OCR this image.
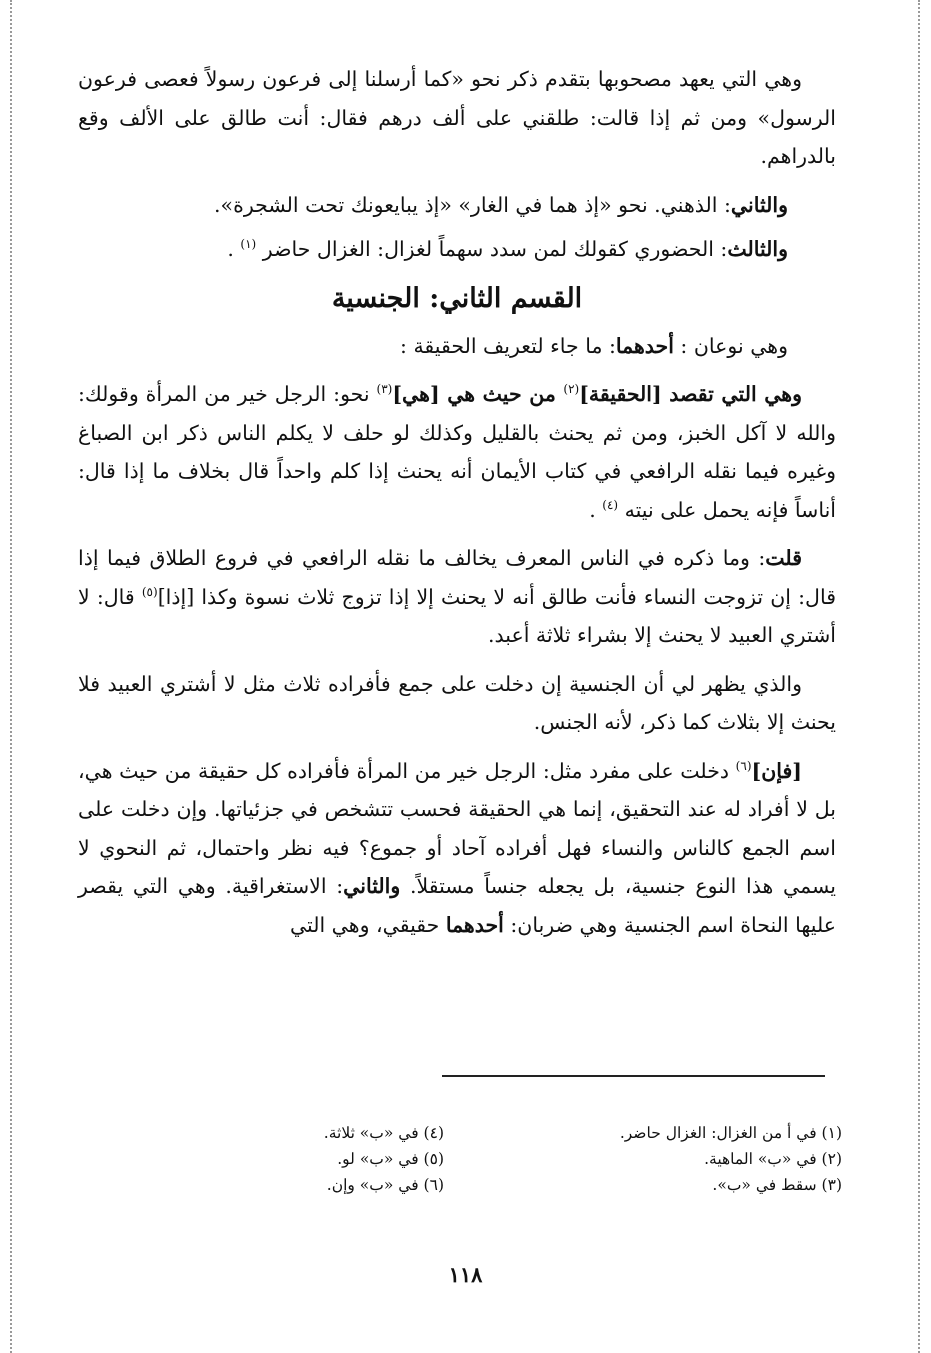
وهي التي يعهد مصحوبها بتقدم ذكر نحو «كما أرسلنا إلى فرعون رسولاً فعصى فرعون الرسول» ومن ثم إذا قالت: طلقني على ألف درهم فقال: أنت طالق على الألف وقع بالدراهم.

والثاني: الذهني. نحو «إذ هما في الغار» «إذ يبايعونك تحت الشجرة».

والثالث: الحضوري كقولك لمن سدد سهماً لغزال: الغزال حاضر $^{(١)}$ .

القسم الثاني: الجنسية

وهي نوعان : أحدهما: ما جاء لتعريف الحقيقة :

وهي التي تقصد [الحقيقة]$^{(٢)}$ من حيث هي [هي]$^{(٣)}$ نحو: الرجل خير من المرأة وقولك: والله لا آكل الخبز، ومن ثم يحنث بالقليل وكذلك لو حلف لا يكلم الناس ذكر ابن الصباغ وغيره فيما نقله الرافعي في كتاب الأيمان أنه يحنث إذا كلم واحداً قال بخلاف ما إذا قال: أناساً فإنه يحمل على نيته $^{(٤)}$ .

قلت: وما ذكره في الناس المعرف يخالف ما نقله الرافعي في فروع الطلاق فيما إذا قال: إن تزوجت النساء فأنت طالق أنه لا يحنث إلا إذا تزوج ثلاث نسوة وكذا [إذا]$^{(٥)}$ قال: لا أشتري العبيد لا يحنث إلا بشراء ثلاثة أعبد.

والذي يظهر لي أن الجنسية إن دخلت على جمع فأفراده ثلاث مثل لا أشتري العبيد فلا يحنث إلا بثلاث كما ذكر، لأنه الجنس.

[فإن]$^{(٦)}$ دخلت على مفرد مثل: الرجل خير من المرأة فأفراده كل حقيقة من حيث هي، بل لا أفراد له عند التحقيق، إنما هي الحقيقة فحسب تتشخص في جزئياتها. وإن دخلت على اسم الجمع كالناس والنساء فهل أفراده آحاد أو جموع؟ فيه نظر واحتمال، ثم النحوي لا يسمي هذا النوع جنسية، بل يجعله جنساً مستقلاً. والثاني: الاستغراقية. وهي التي يقصر عليها النحاة اسم الجنسية وهي ضربان: أحدهما حقيقي، وهي التي

(١) في أ من الغزال: الغزال حاضر.
(٢) في «ب» الماهية.
(٣) سقط في «ب».
(٤) في «ب» ثلاثة.
(٥) في «ب» لو.
(٦) في «ب» وإن.
١١٨
